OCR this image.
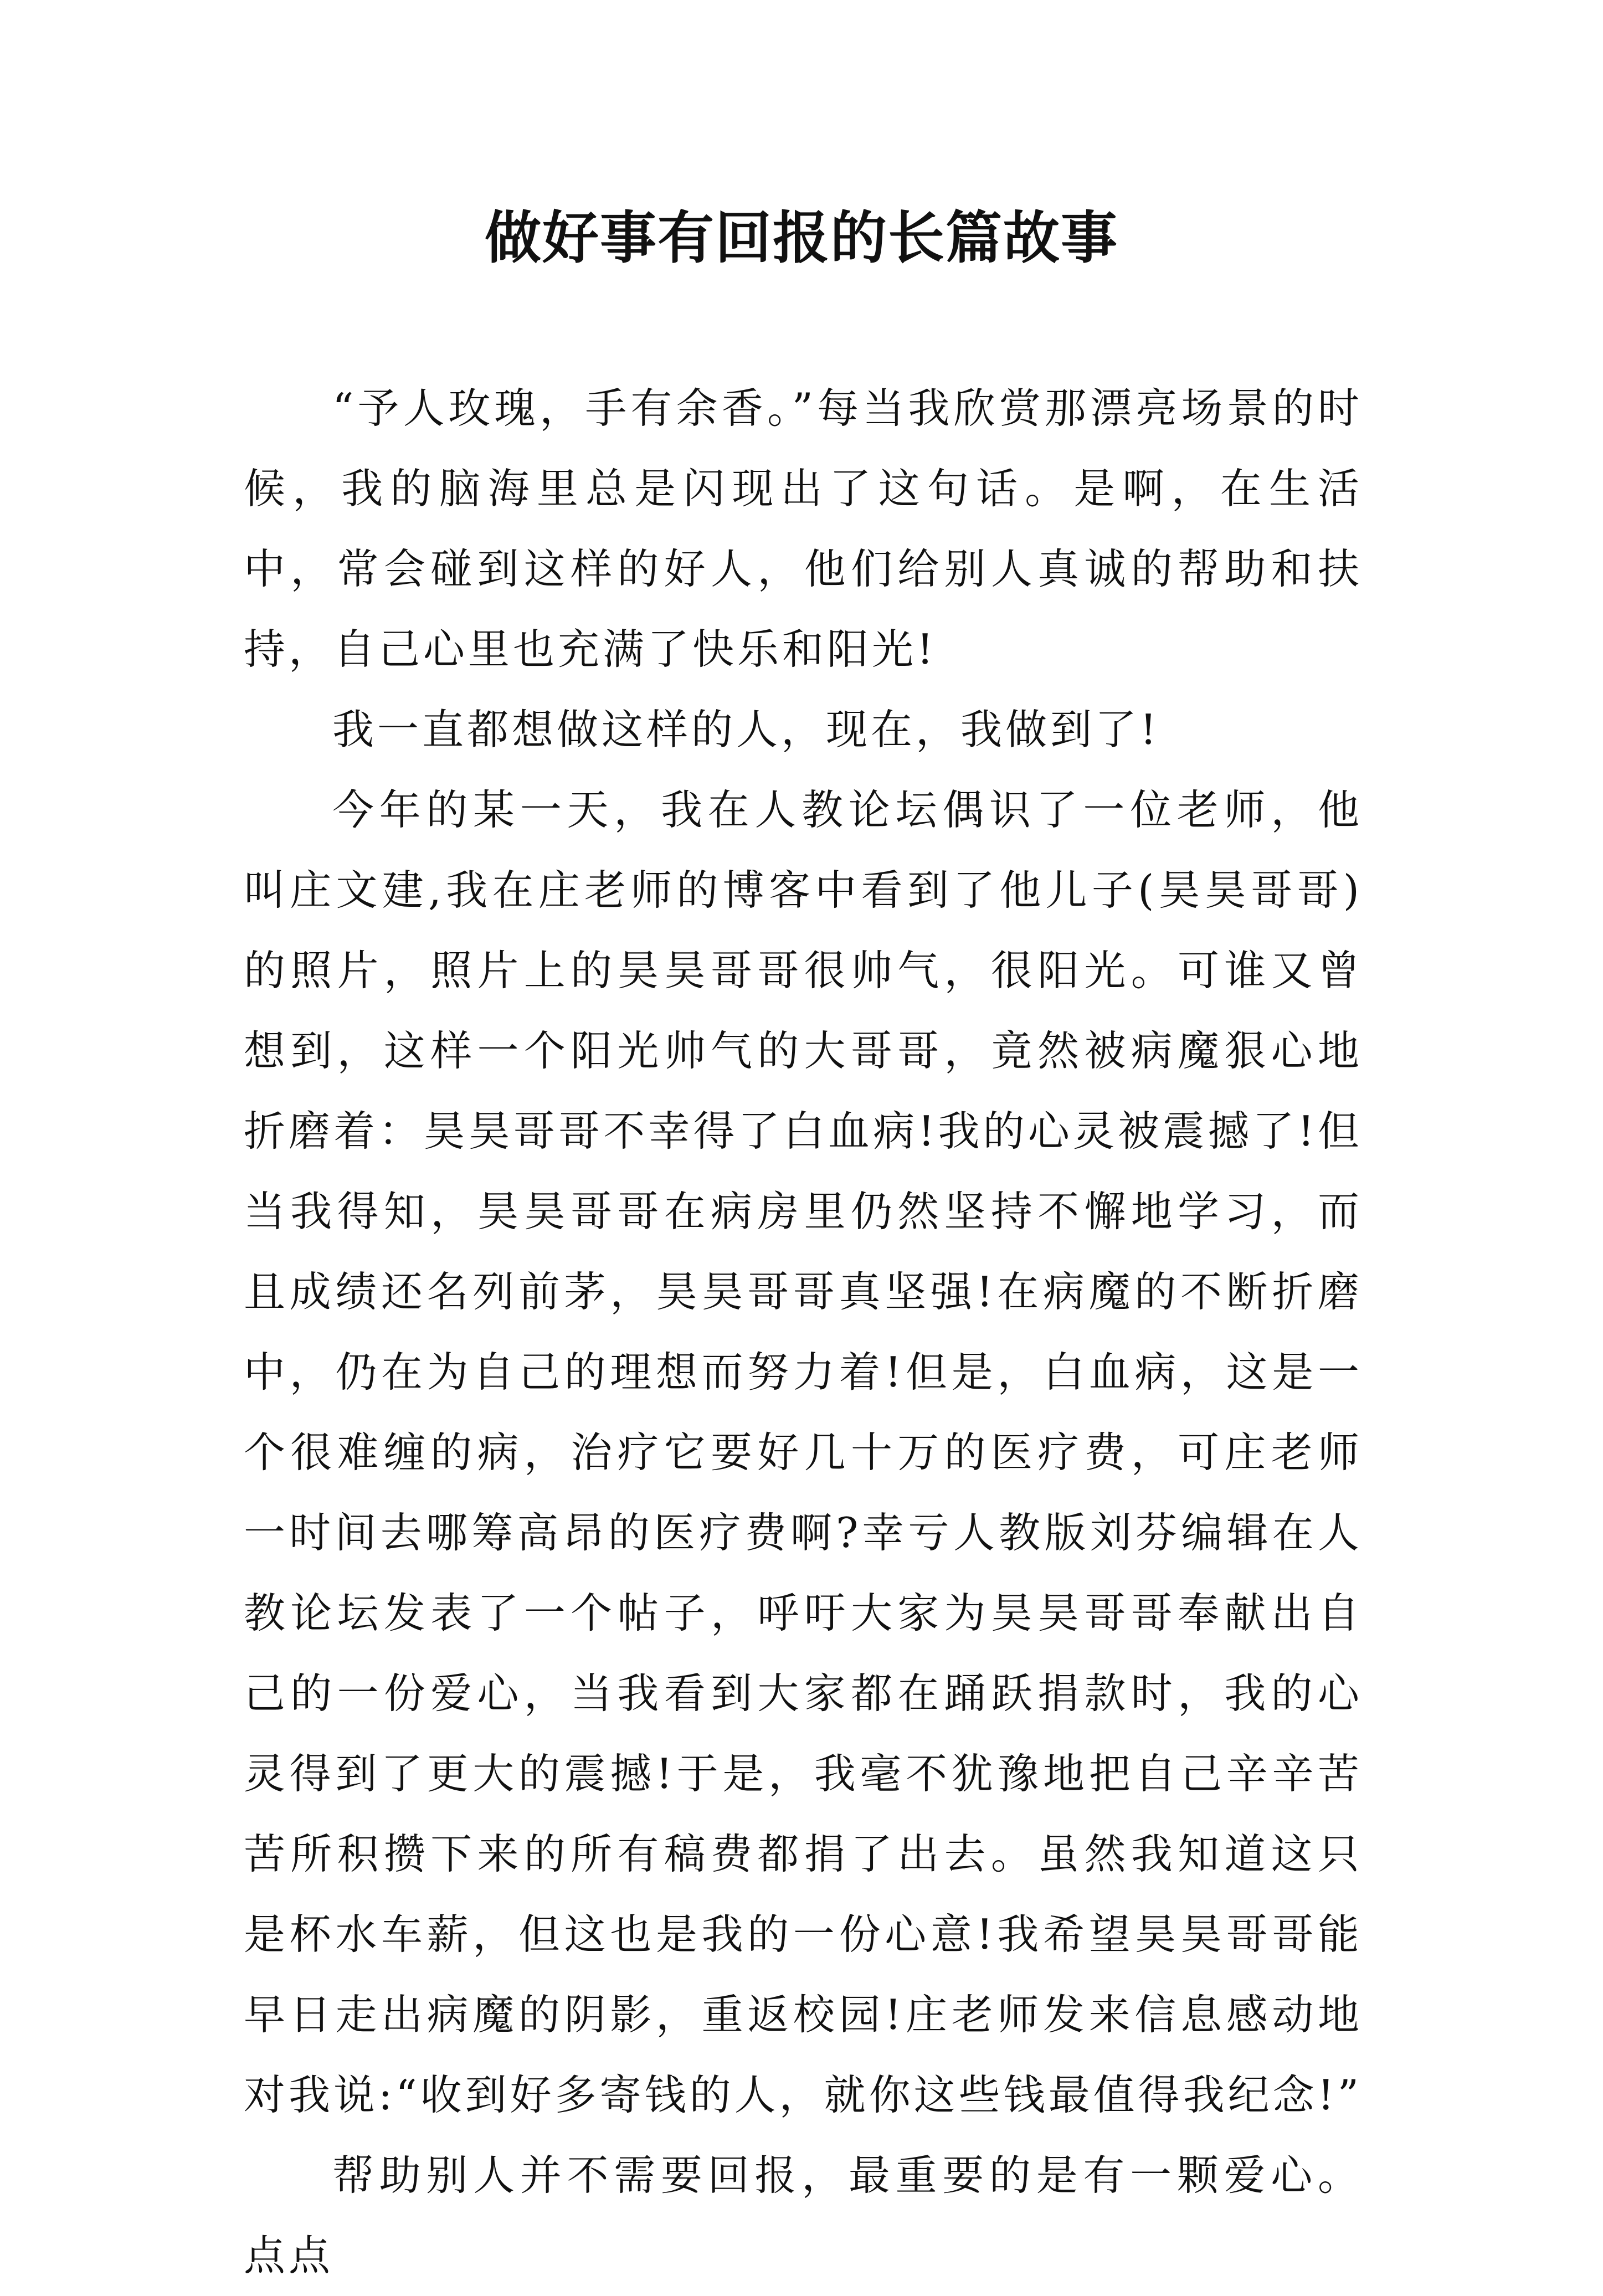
做好事有回报的长篇故事

“予人玫瑰，手有余香。”每当我欣赏那漂亮场景的时候，我的脑海里总是闪现出了这句话。是啊，在生活中，常会碰到这样的好人，他们给别人真诚的帮助和扶持，自己心里也充满了快乐和阳光!

我一直都想做这样的人，现在，我做到了!

今年的某一天，我在人教论坛偶识了一位老师，他叫庄文建,我在庄老师的博客中看到了他儿子(昊昊哥哥)的照片，照片上的昊昊哥哥很帅气，很阳光。可谁又曾想到，这样一个阳光帅气的大哥哥，竟然被病魔狠心地折磨着：昊昊哥哥不幸得了白血病!我的心灵被震撼了!但当我得知，昊昊哥哥在病房里仍然坚持不懈地学习，而且成绩还名列前茅，昊昊哥哥真坚强!在病魔的不断折磨中，仍在为自己的理想而努力着!但是，白血病，这是一个很难缠的病，治疗它要好几十万的医疗费，可庄老师一时间去哪筹高昂的医疗费啊?幸亏人教版刘芬编辑在人教论坛发表了一个帖子，呼吁大家为昊昊哥哥奉献出自己的一份爱心，当我看到大家都在踊跃捐款时，我的心灵得到了更大的震撼!于是，我毫不犹豫地把自己辛辛苦苦所积攒下来的所有稿费都捐了出去。虽然我知道这只是杯水车薪，但这也是我的一份心意!我希望昊昊哥哥能早日走出病魔的阴影，重返校园!庄老师发来信息感动地对我说:“收到好多寄钱的人，就你这些钱最值得我纪念!”

帮助别人并不需要回报，最重要的是有一颗爱心。点点
